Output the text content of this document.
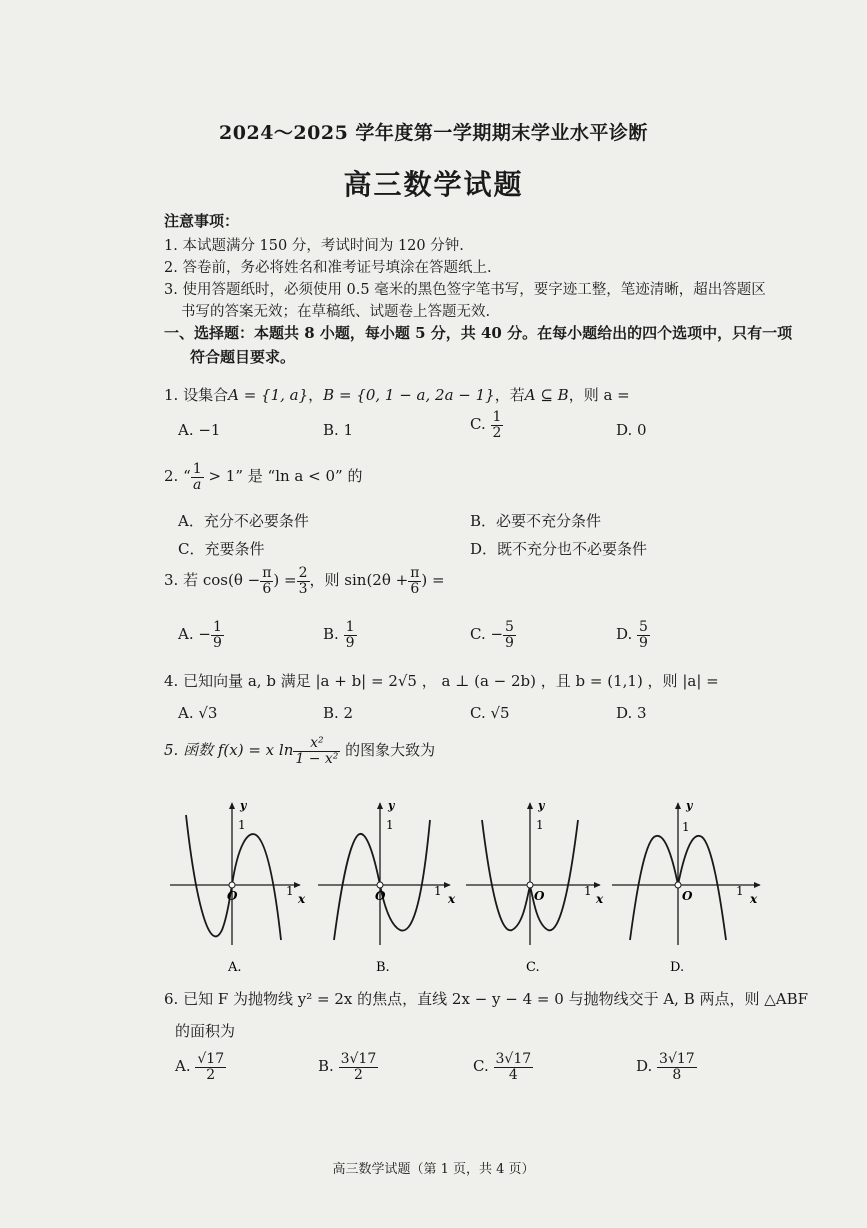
2024～2025 学年度第一学期期末学业水平诊断
高三数学试题
注意事项：
1. 本试题满分 150 分，考试时间为 120 分钟.
2. 答卷前，务必将姓名和准考证号填涂在答题纸上.
3. 使用答题纸时，必须使用 0.5 毫米的黑色签字笔书写，要字迹工整，笔迹清晰，超出答题区
书写的答案无效；在草稿纸、试题卷上答题无效.
一、选择题：本题共 8 小题，每小题 5 分，共 40 分。在每小题给出的四个选项中，只有一项
符合题目要求。
1. 设集合A = {1, a}，B = {0, 1 − a, 2a − 1}，若A ⊆ B，则 a =
A. −1	B. 1	C. $\frac{1}{2}$	D. 0
2. “ $\frac{1}{a} > 1$” 是 “ln a < 0” 的
A．充分不必要条件	B．必要不充分条件
C．充要条件	D．既不充分也不必要条件
3. 若 $\cos(\theta - \frac{\pi}{6}$ ) = $\frac{2}{3}$ ，则 $\sin(2\theta + \frac{\pi}{6}$ ) =
A. − $\frac{1}{9}$	B. $\frac{1}{9}$	C. − $\frac{5}{9}$	D. $\frac{5}{9}$
4. 已知向量 a, b 满足 |a + b| = 2√5 ， a ⊥ (a − 2b) ，且 b = (1,1) ，则 |a| =
A. √3	B. 2	C. √5	D. 3
5. 函数 f(x) = x $\ln \frac{\text{x²}}{\text{1 − x²}}$ 的图象大致为
y
1
O	1
x
A.
y
1
O	1
x
B.
y
1
O	1
x
C.
y
1
O	1
x
D.
6. 已知 F 为抛物线 y² = 2x 的焦点，直线 2x − y − 4 = 0 与抛物线交于 A, B 两点，则 △ABF
的面积为
A. $\frac{√17}{2}$	B. $\frac{3√17}{2}$	C. $\frac{3√17}{4}$	D. $\frac{3√17}{8}$
高三数学试题（第 1 页，共 4 页）
